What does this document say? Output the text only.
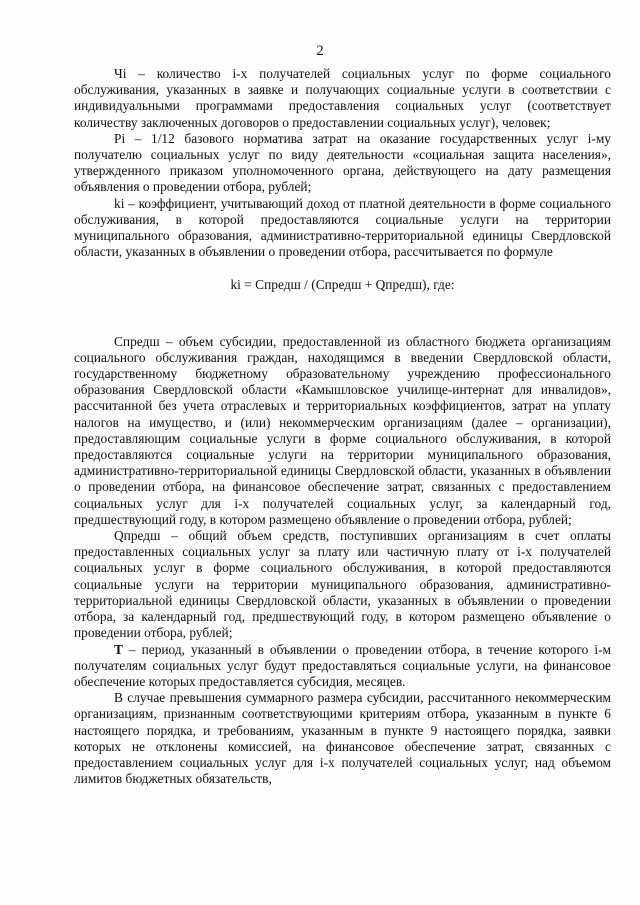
2

Чi – количество i-х получателей социальных услуг по форме социального обслуживания, указанных в заявке и получающих социальные услуги в соответствии с индивидуальными программами предоставления социальных услуг (соответствует количеству заключенных договоров о предоставлении социальных услуг), человек;

Рi – 1/12 базового норматива затрат на оказание государственных услуг i-му получателю социальных услуг по виду деятельности «социальная защита населения», утвержденного приказом уполномоченного органа, действующего на дату размещения объявления о проведении отбора, рублей;

ki – коэффициент, учитывающий доход от платной деятельности в форме социального обслуживания, в которой предоставляются социальные услуги на территории муниципального образования, административно-территориальной единицы Свердловской области, указанных в объявлении о проведении отбора, рассчитывается по формуле

ki = Спредш / (Спредш + Qпредш), где:

Спредш – объем субсидии, предоставленной из областного бюджета организациям социального обслуживания граждан, находящимся в введении Свердловской области, государственному бюджетному образовательному учреждению профессионального образования Свердловской области «Камышловское училище-интернат для инвалидов», рассчитанной без учета отраслевых и территориальных коэффициентов, затрат на уплату налогов на имущество, и (или) некоммерческим организациям (далее – организации), предоставляющим социальные услуги в форме социального обслуживания, в которой предоставляются социальные услуги на территории муниципального образования, административно-территориальной единицы Свердловской области, указанных в объявлении о проведении отбора, на финансовое обеспечение затрат, связанных с предоставлением социальных услуг для i-х получателей социальных услуг, за календарный год, предшествующий году, в котором размещено объявление о проведении отбора, рублей;

Qпредш – общий объем средств, поступивших организациям в счет оплаты предоставленных социальных услуг за плату или частичную плату от i-х получателей социальных услуг в форме социального обслуживания, в которой предоставляются социальные услуги на территории муниципального образования, административно-территориальной единицы Свердловской области, указанных в объявлении о проведении отбора, за календарный год, предшествующий году, в котором размещено объявление о проведении отбора, рублей;

Т – период, указанный в объявлении о проведении отбора, в течение которого i-м получателям социальных услуг будут предоставляться социальные услуги, на финансовое обеспечение которых предоставляется субсидия, месяцев.

В случае превышения суммарного размера субсидии, рассчитанного некоммерческим организациям, признанным соответствующими критериям отбора, указанным в пункте 6 настоящего порядка, и требованиям, указанным в пункте 9 настоящего порядка, заявки которых не отклонены комиссией, на финансовое обеспечение затрат, связанных с предоставлением социальных услуг для i-х получателей социальных услуг, над объемом лимитов бюджетных обязательств,
